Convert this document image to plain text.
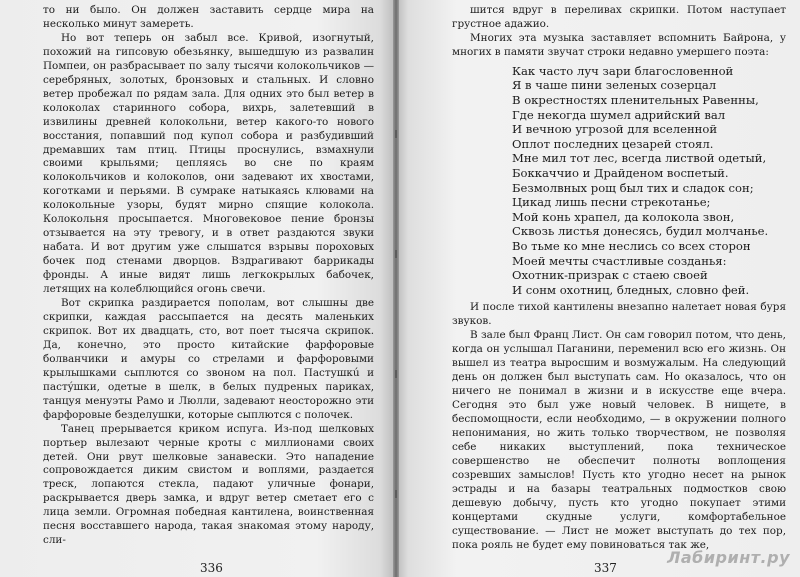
то ни было. Он должен заставить сердце мира на несколько минут замереть.

Но вот теперь он забыл все. Кривой, изогнутый, похожий на гипсовую обезьянку, вышедшую из развалин Помпеи, он разбрасывает по залу тысячи колокольчиков — серебряных, золотых, бронзовых и стальных. И словно ветер пробежал по рядам зала. Для одних это был ветер в колоколах старинного собора, вихрь, залетевший в извилины древней колокольни, ветер какого-то нового восстания, попавший под купол собора и разбудивший дремавших там птиц. Птицы проснулись, взмахнули своими крыльями; цепляясь во сне по краям колокольчиков и колоколов, они задевают их хвостами, коготками и перьями. В сумраке натыкаясь клювами на колокольные узоры, будят мирно спящие колокола. Колокольня просыпается. Многовековое пение бронзы отзывается на эту тревогу, и в ответ раздаются звуки набата. И вот другим уже слышатся взрывы пороховых бочек под стенами дворцов. Вздрагивают баррикады фронды. А иные видят лишь легкокрылых бабочек, летящих на колеблющийся огонь свечи.

Вот скрипка раздирается пополам, вот слышны две скрипки, каждая рассыпается на десять маленьких скрипок. Вот их двадцать, сто, вот поет тысяча скрипок. Да, конечно, это просто китайские фарфоровые болванчики и амуры со стрелами и фарфоровыми крылышками сыплются со звоном на пол. Пастушкú и пастýшки, одетые в шелк, в белых пудреных париках, танцуя менуэты Рамо и Люлли, задевают неосторожно эти фарфоровые безделушки, которые сыплются с полочек.

Танец прерывается криком испуга. Из-под шелковых портьер вылезают черные кроты с миллионами своих детей. Они рвут шелковые занавески. Это нападение сопровождается диким свистом и воплями, раздается треск, лопаются стекла, падают уличные фонари, раскрывается дверь замка, и вдруг ветер сметает его с лица земли. Огромная победная кантилена, воинственная песня восставшего народа, такая знакомая этому народу, сли-

шится вдруг в переливах скрипки. Потом наступает грустное адажио.

Многих эта музыка заставляет вспомнить Байрона, у многих в памяти звучат строки недавно умершего поэта:

Как часто луч зари благословенной
Я в чаше пини зеленых созерцал
В окрестностях пленительных Равенны,
Где некогда шумел адрийский вал
И вечною угрозой для вселенной
Оплот последних цезарей стоял.
Мне мил тот лес, всегда листвой одетый,
Боккаччио и Драйденом воспетый.
Безмолвных рощ был тих и сладок сон;
Цикад лишь песни стрекотанье;
Мой конь храпел, да колокола звон,
Сквозь листья донесясь, будил молчанье.
Во тьме ко мне неслись со всех сторон
Моей мечты счастливые созданья:
Охотник-призрак с стаею своей
И сонм охотниц, бледных, словно фей.

И после тихой кантилены внезапно налетает новая буря звуков.

В зале был Франц Лист. Он сам говорил потом, что день, когда он услышал Паганини, переменил всю его жизнь. Он вышел из театра выросшим и возмужалым. На следующий день он должен был выступать сам. Но оказалось, что он ничего не понимал в жизни и в искусстве еще вчера. Сегодня это был уже новый человек. В нищете, в беспомощности, если необходимо, — в окружении полного непонимания, но жить только творчеством, не позволяя себе никаких выступлений, пока техническое совершенство не обеспечит полноты воплощения созревших замыслов! Пусть кто угодно несет на рынок эстрады и на базары театральных подмостков свою дешевую добычу, пусть кто угодно покупает этими концертами скудные услуги, комфортабельное существование. — Лист не может выступать до тех пор, пока рояль не будет ему повиноваться так же,

336	337
Лабиринт.ру
